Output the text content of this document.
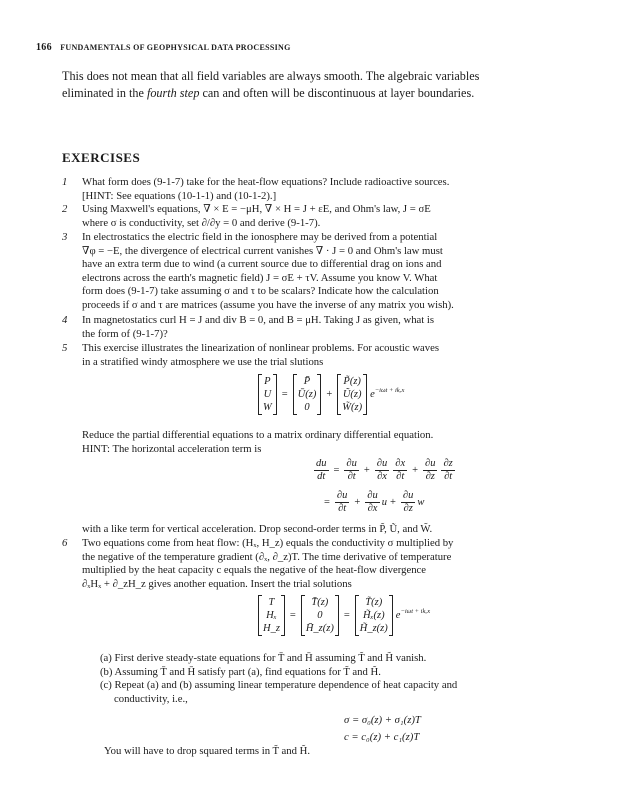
166 FUNDAMENTALS OF GEOPHYSICAL DATA PROCESSING
This does not mean that all field variables are always smooth. The algebraic variables eliminated in the fourth step can and often will be discontinuous at layer boundaries.
EXERCISES
1 What form does (9-1-7) take for the heat-flow equations? Include radioactive sources.
[HINT: See equations (10-1-1) and (10-1-2).]
2 Using Maxwell's equations, ∇ × E = −μH, ∇ × H = J + εE, and Ohm's law, J = σE
where σ is conductivity, set ∂/∂y = 0 and derive (9-1-7).
3 In electrostatics the electric field in the ionosphere may be derived from a potential
∇φ = −E, the divergence of electrical current vanishes ∇ · J = 0 and Ohm's law must
have an extra term due to wind (a current source due to differential drag on ions and
electrons across the earth's magnetic field) J = σE + τV. Assume you know V. What
form does (9-1-7) take assuming σ and τ to be scalars? Indicate how the calculation
proceeds if σ and τ are matrices (assume you have the inverse of any matrix you wish).
4 In magnetostatics curl H = J and div B = 0, and B = μH. Taking J as given, what is
the form of (9-1-7)?
5 This exercise illustrates the linearization of nonlinear problems. For acoustic waves
in a stratified windy atmosphere we use the trial slutions
P
U
W
=
P̄
Ū(z)
0
+
P̃(z)
Ũ(z)
W̃(z)
e −iωt + ikₓx
Reduce the partial differential equations to a matrix ordinary differential equation.
HINT: The horizontal acceleration term is
$\frac{du}{dt} = \frac{\partial u}{\partial t} + \frac{\partial u}{\partial x} \frac{\partial x}{\partial t} + \frac{\partial u}{\partial z} \frac{\partial z}{\partial t}$
= $\frac{\partial u}{\partial t} + \frac{\partial u}{\partial x}$ $u + \frac{\partial u}{\partial z}$ w
with a like term for vertical acceleration. Drop second-order terms in P̃, Ũ, and W̃.
6 Two equations come from heat flow: (Hₓ, H_z) equals the conductivity σ multiplied by
the negative of the temperature gradient (∂ₓ, ∂_z)T. The time derivative of temperature
multiplied by the heat capacity c equals the negative of the heat-flow divergence
∂ₓHₓ + ∂_zH_z gives another equation. Insert the trial solutions
T
Hₓ
H_z
=
T̄(z)
0
H̄_z(z)
=
T̃(z)
H̃ₓ(z)
H̃_z(z)
e −iωt + ikₓx
(a) First derive steady-state equations for T̄ and H̄ assuming T̃ and H̃ vanish.
(b) Assuming T̄ and H̄ satisfy part (a), find equations for T̃ and H̃.
(c) Repeat (a) and (b) assuming linear temperature dependence of heat capacity and
conductivity, i.e.,
σ = σ₀(z) + σ₁(z)T
c = c₀(z) + c₁(z)T
You will have to drop squared terms in T̃ and H̃.
